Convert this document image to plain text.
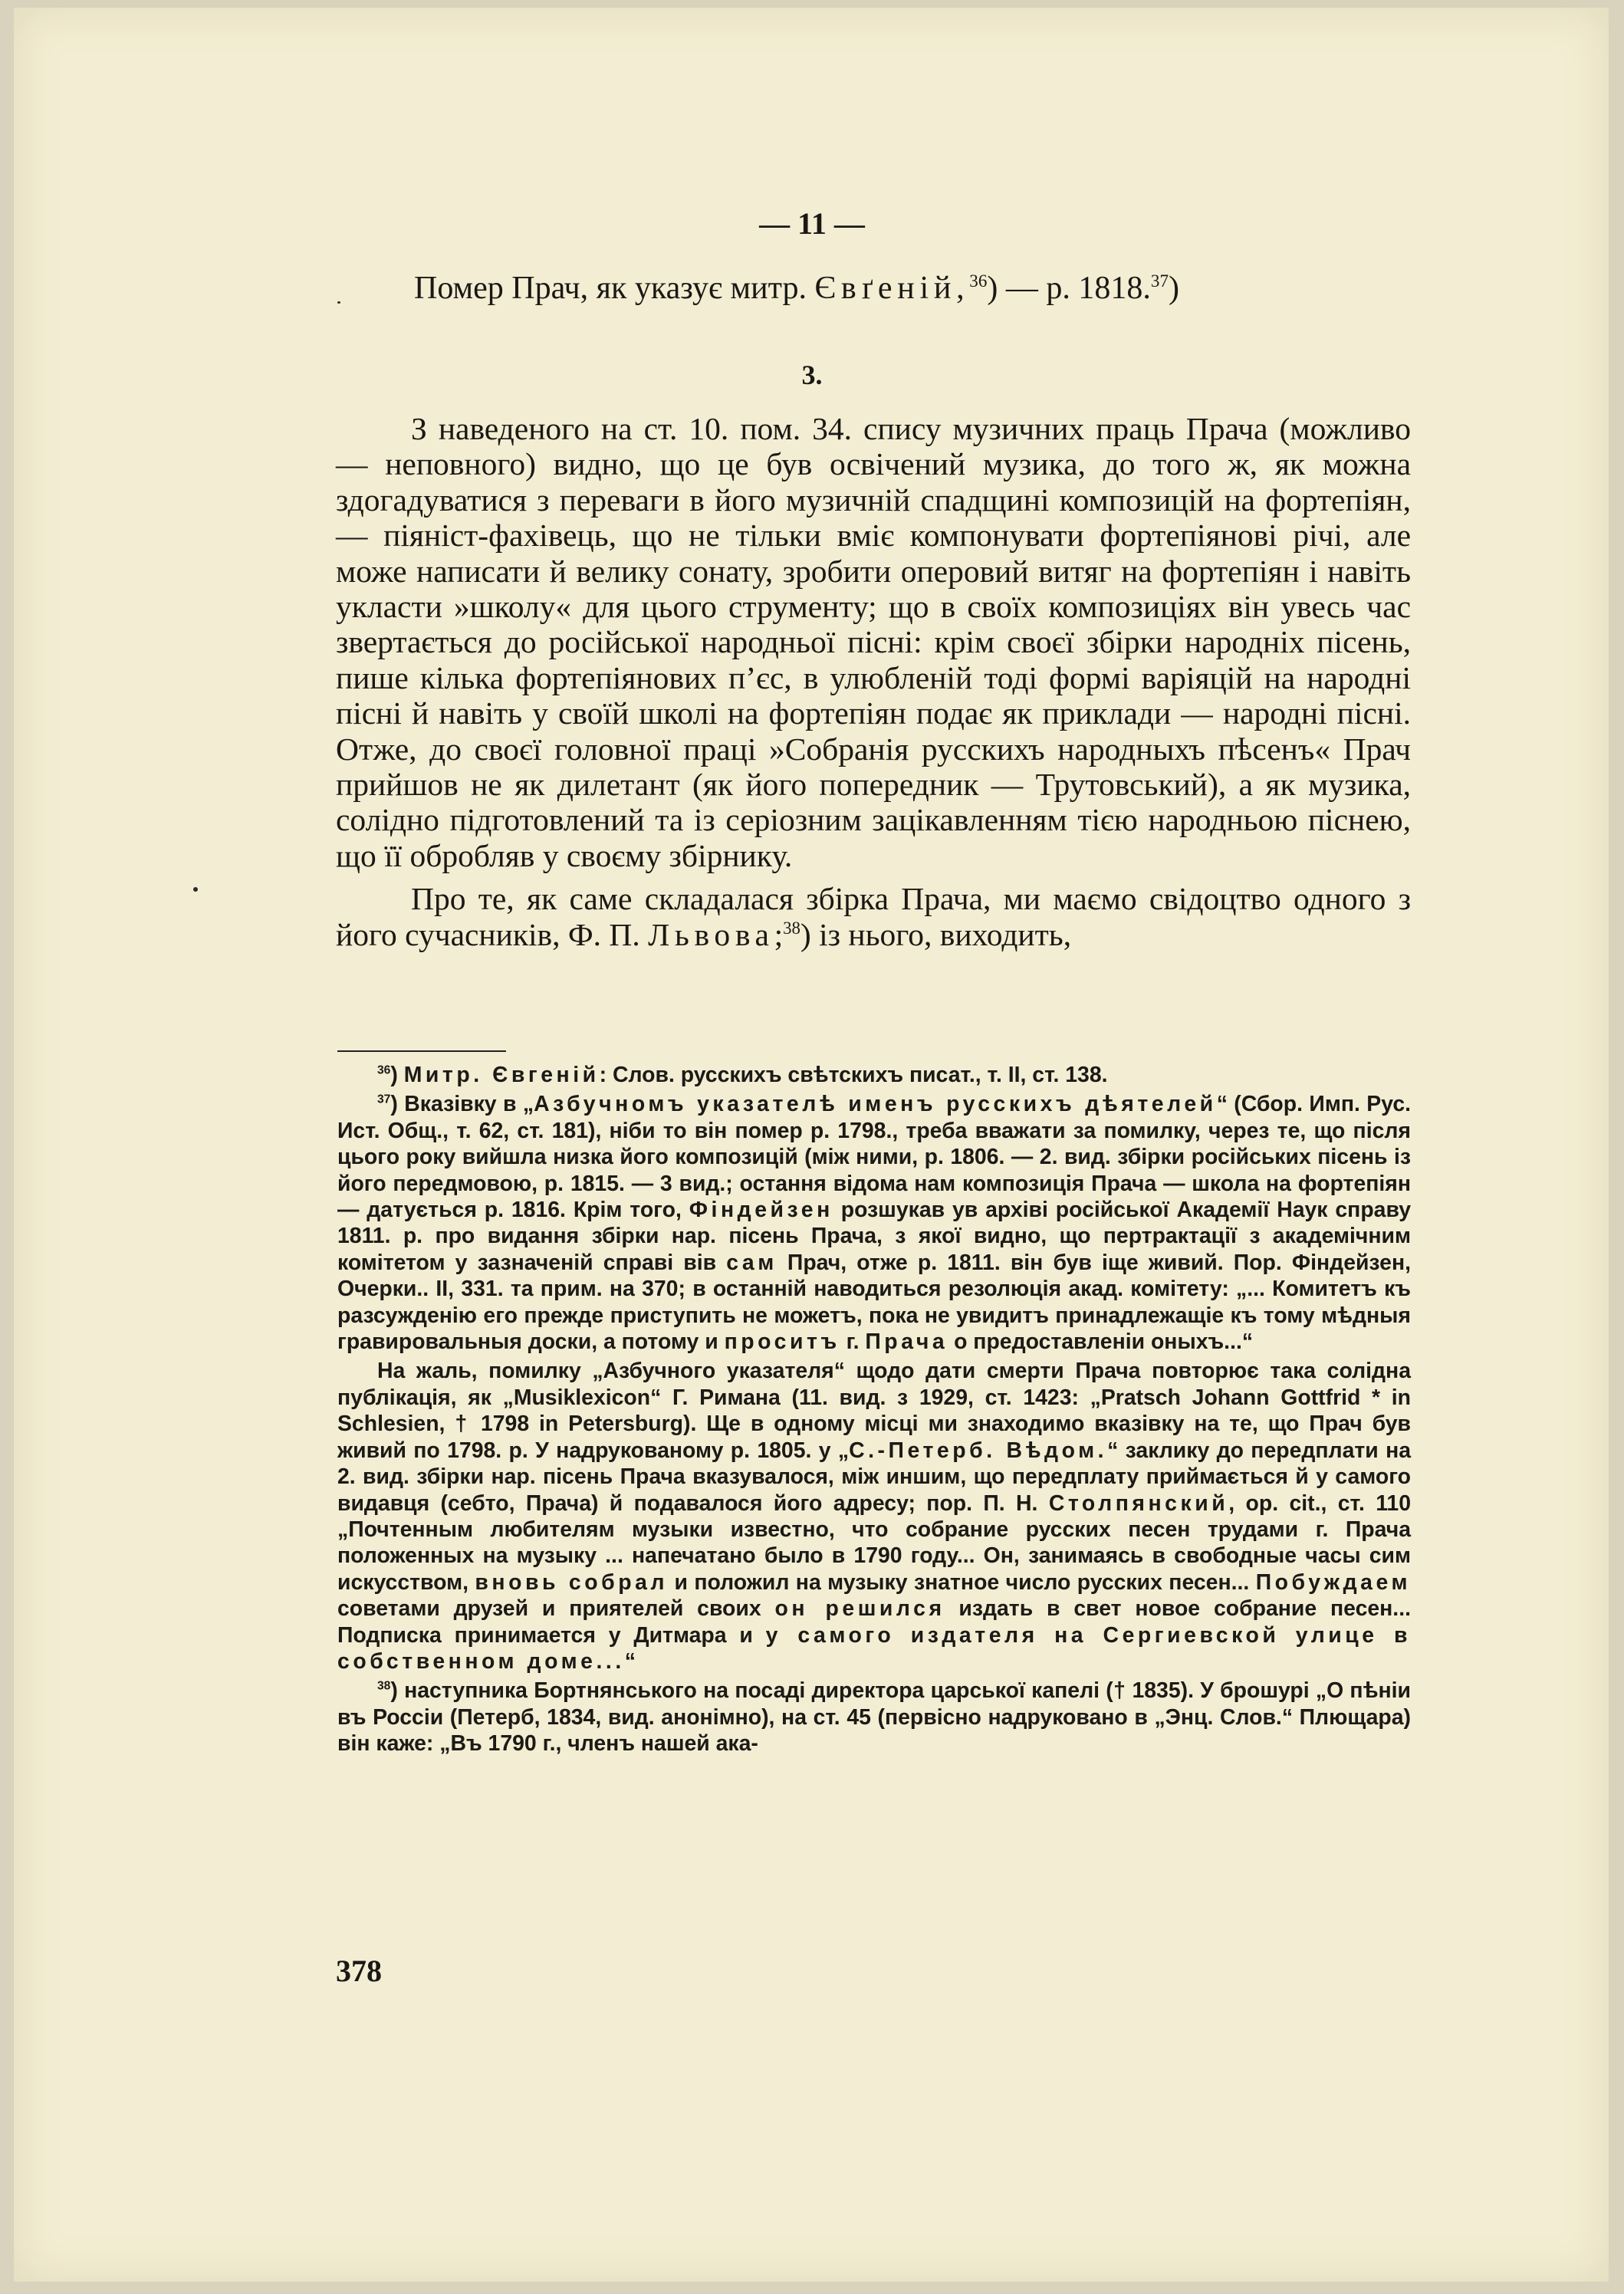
— 11 —
Помер Прач, як указує митр. Євґеній,$^{36}$) — р. 1818.37)
3.

З наведеного на ст. 10. пом. 34. спису музичних праць Прача (можливо — неповного) видно, що це був освічений музика, до того ж, як можна здогадуватися з переваги в його музичній спадщині композицій на фортепіян, — піяніст-фахівець, що не тільки вміє компонувати фортепіянові річі, але може написати й велику сонату, зробити оперовий витяг на фортепіян і навіть укласти »школу« для цього струменту; що в своїх композиціях він увесь час звертається до російської народньої пісні: крім своєї збірки народніх пісень, пише кілька фортепіянових п’єс, в улюбленій тоді формі варіяцій на народні пісні й навіть у своїй школі на фортепіян подає як приклади — народні пісні. Отже, до своєї головної праці »Собранія русскихъ народныхъ пѣсенъ« Прач прийшов не як дилетант (як його попередник — Трутовський), а як музика, солідно підготовлений та із серіозним зацікавленням тією народньою піснею, що її обробляв у своєму збірнику.

Про те, як саме складалася збірка Прача, ми маємо свідоцтво одного з його сучасників, Ф. П. Львова;$^{38}$) із нього, виходить,

$^{36}$) Митр. Євгеній: Слов. русскихъ свѣтскихъ писат., т. II, ст. 138.

$^{37}$) Вказівку в „Азбучномъ указателѣ именъ русскихъ дѣятелей“ (Сбор. Имп. Рус. Ист. Общ., т. 62, ст. 181), ніби то він помер р. 1798., треба вважати за помилку, через те, що після цього року вийшла низка його композицій (між ними, р. 1806. — 2. вид. збірки російських пісень із його передмовою, р. 1815. — 3 вид.; остання відома нам композиція Прача — школа на фортепіян — датується р. 1816. Крім того, Фіндейзен розшукав ув архіві російської Академії Наук справу 1811. р. про видання збірки нар. пісень Прача, з якої видно, що пертрактації з академічним комітетом у зазначеній справі вів сам Прач, отже р. 1811. він був іще живий. Пор. Фіндейзен, Очерки.. II, 331. та прим. на 370; в останній наводиться резолюція акад. комітету: „... Комитетъ къ разсужденію его прежде приступить не можетъ, пока не увидитъ принадлежащіе къ тому мѣдныя гравировальныя доски, а потому и проситъ г. Прача о предоставленіи оныхъ...“

На жаль, помилку „Азбучного указателя“ щодо дати смерти Прача повторює така солідна публікація, як „Musiklexicon“ Г. Римана (11. вид. з 1929, ст. 1423: „Pratsch Johann Gottfrid * in Schlesien, † 1798 in Petersburg). Ще в одному місці ми знаходимо вказівку на те, що Прач був живий по 1798. р. У надрукованому р. 1805. у „С.-Петерб. Вѣдом.“ заклику до передплати на 2. вид. збірки нар. пісень Прача вказувалося, між иншим, що передплату приймається й у самого видавця (себто, Прача) й подавалося його адресу; пор. П. Н. Столпянский, op. cit., ст. 110 „Почтенным любителям музыки известно, что собрание русских песен трудами г. Прача положенных на музыку ... напечатано было в 1790 году... Он, занимаясь в свободные часы сим искусством, вновь собрал и положил на музыку знатное число русских песен... Побуждаем советами друзей и приятелей своих он решился издать в свет новое собрание песен... Подписка принимается у Дитмара и у самого издателя на Сергиевской улице в собственном доме...“

$^{38}$) наступника Бортнянського на посаді директора царської капелі († 1835). У брошурі „О пѣніи въ Россіи (Петерб, 1834, вид. анонімно), на ст. 45 (первісно надруковано в „Энц. Слов.“ Плющара) він каже: „Въ 1790 г., членъ нашей ака-

378
